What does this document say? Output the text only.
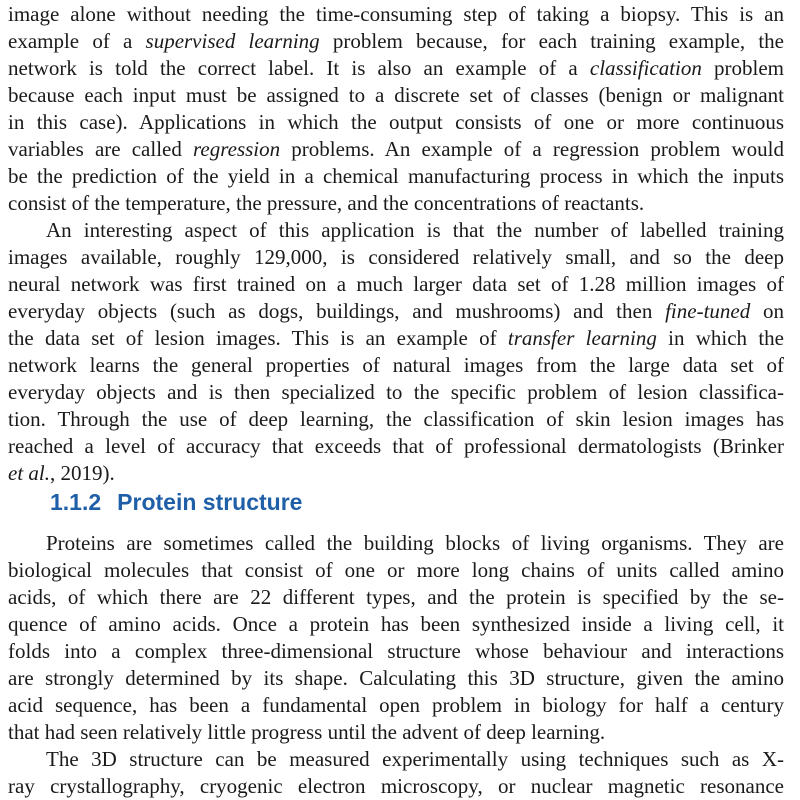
image alone without needing the time-consuming step of taking a biopsy. This is an
example of a supervised learning problem because, for each training example, the
network is told the correct label. It is also an example of a classification problem
because each input must be assigned to a discrete set of classes (benign or malignant
in this case). Applications in which the output consists of one or more continuous
variables are called regression problems. An example of a regression problem would
be the prediction of the yield in a chemical manufacturing process in which the inputs
consist of the temperature, the pressure, and the concentrations of reactants.
An interesting aspect of this application is that the number of labelled training
images available, roughly 129,000, is considered relatively small, and so the deep
neural network was first trained on a much larger data set of 1.28 million images of
everyday objects (such as dogs, buildings, and mushrooms) and then fine-tuned on
the data set of lesion images. This is an example of transfer learning in which the
network learns the general properties of natural images from the large data set of
everyday objects and is then specialized to the specific problem of lesion classifica-
tion. Through the use of deep learning, the classification of skin lesion images has
reached a level of accuracy that exceeds that of professional dermatologists (Brinker
et al., 2019).
1.1.2 Protein structure
Proteins are sometimes called the building blocks of living organisms. They are
biological molecules that consist of one or more long chains of units called amino
acids, of which there are 22 different types, and the protein is specified by the se-
quence of amino acids. Once a protein has been synthesized inside a living cell, it
folds into a complex three-dimensional structure whose behaviour and interactions
are strongly determined by its shape. Calculating this 3D structure, given the amino
acid sequence, has been a fundamental open problem in biology for half a century
that had seen relatively little progress until the advent of deep learning.
The 3D structure can be measured experimentally using techniques such as X-
ray crystallography, cryogenic electron microscopy, or nuclear magnetic resonance
